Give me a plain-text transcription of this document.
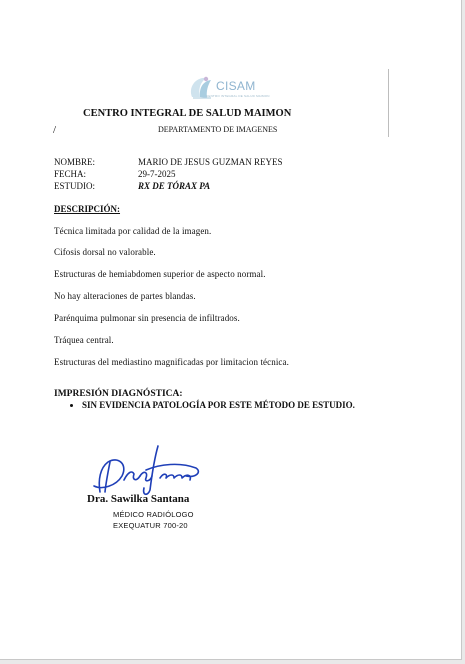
CISAM
CENTRO INTEGRAL DE SALUD MAIMON
CENTRO INTEGRAL DE SALUD MAIMON
/	DEPARTAMENTO DE IMAGENES
NOMBRE:	MARIO DE JESUS GUZMAN REYES
FECHA:	29-7-2025
ESTUDIO:	RX DE TÓRAX PA
DESCRIPCIÓN:
Técnica limitada por calidad de la imagen.
Cifosis dorsal no valorable.
Estructuras de hemiabdomen superior de aspecto normal.
No hay alteraciones de partes blandas.
Parénquima pulmonar sin presencia de infiltrados.
Tráquea central.
Estructuras del mediastino magnificadas por limitacion técnica.
IMPRESIÓN DIAGNÓSTICA:
• SIN EVIDENCIA PATOLOGÍA POR ESTE MÉTODO DE ESTUDIO.
Dra. Sawilka Santana
MÉDICO RADIÓLOGO
EXEQUATUR 700-20
